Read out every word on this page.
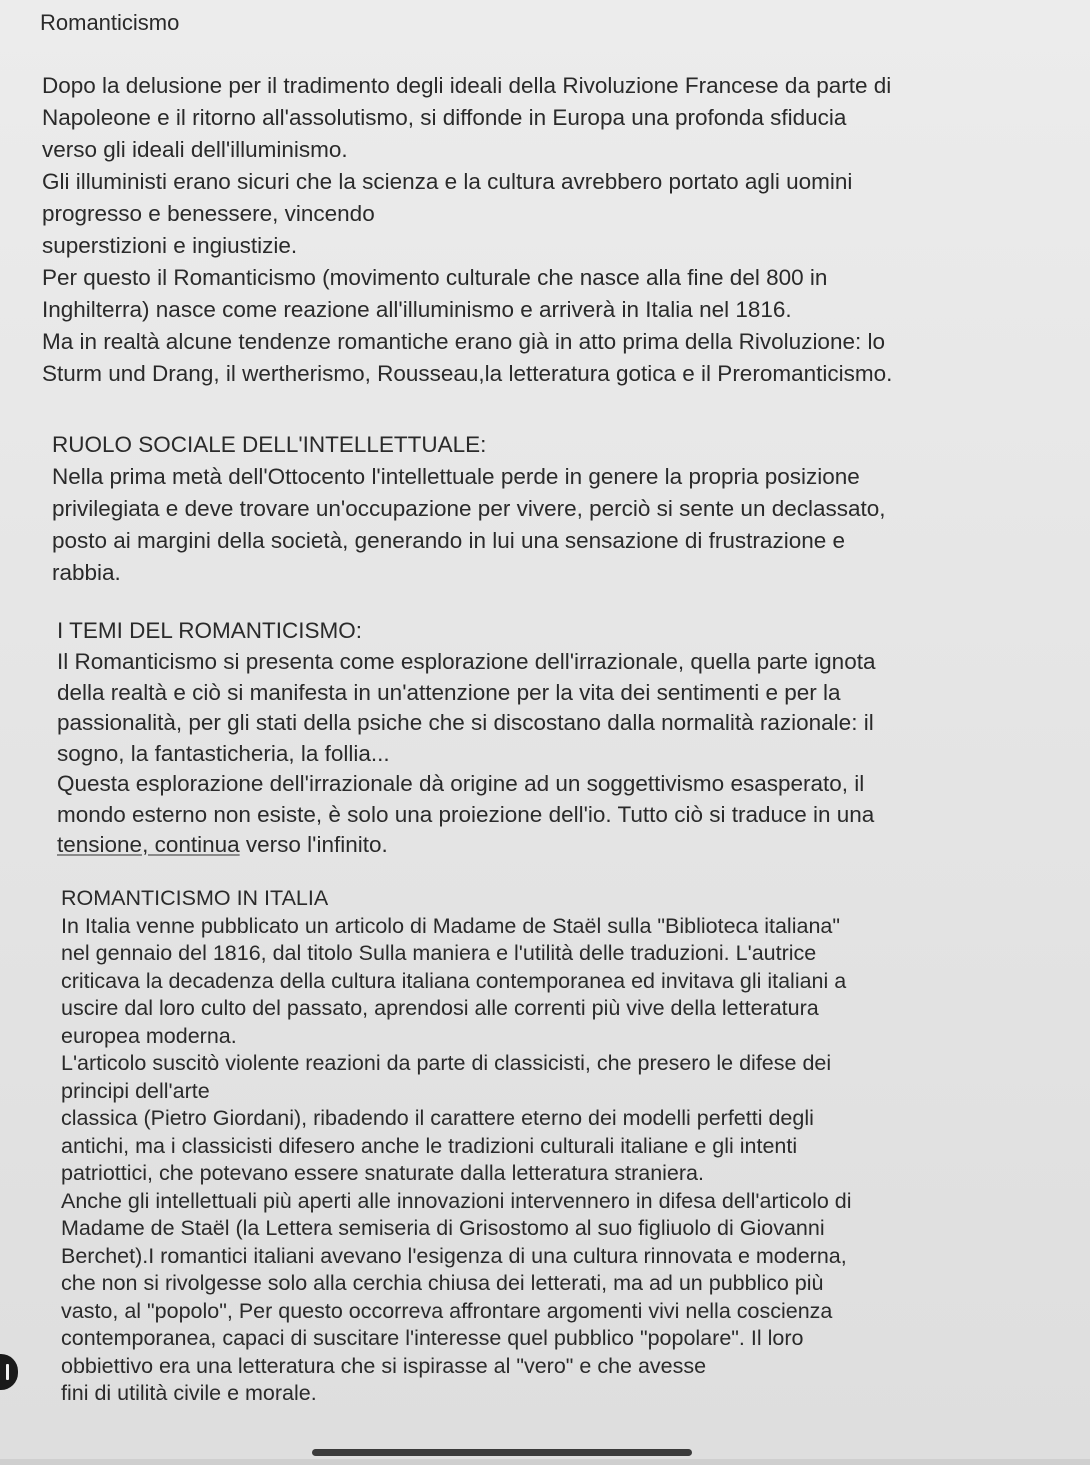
Romanticismo

Dopo la delusione per il tradimento degli ideali della Rivoluzione Francese da parte di

Napoleone e il ritorno all'assolutismo, si diffonde in Europa una profonda sfiducia

verso gli ideali dell'illuminismo.

Gli illuministi erano sicuri che la scienza e la cultura avrebbero portato agli uomini

progresso e benessere, vincendo

superstizioni e ingiustizie.

Per questo il Romanticismo (movimento culturale che nasce alla fine del 800 in

Inghilterra) nasce come reazione all'illuminismo e arriverà in Italia nel 1816.

Ma in realtà alcune tendenze romantiche erano già in atto prima della Rivoluzione: lo

Sturm und Drang, il wertherismo, Rousseau,la letteratura gotica e il Preromanticismo.

RUOLO SOCIALE DELL'INTELLETTUALE:

Nella prima metà dell'Ottocento l'intellettuale perde in genere la propria posizione

privilegiata e deve trovare un'occupazione per vivere, perciò si sente un declassato,

posto ai margini della società, generando in lui una sensazione di frustrazione e

rabbia.

I TEMI DEL ROMANTICISMO:

Il Romanticismo si presenta come esplorazione dell'irrazionale, quella parte ignota

della realtà e ciò si manifesta in un'attenzione per la vita dei sentimenti e per la

passionalità, per gli stati della psiche che si discostano dalla normalità razionale: il

sogno, la fantasticheria, la follia...

Questa esplorazione dell'irrazionale dà origine ad un soggettivismo esasperato, il

mondo esterno non esiste, è solo una proiezione dell'io. Tutto ciò si traduce in una

tensione, continua verso l'infinito.

ROMANTICISMO IN ITALIA

In Italia venne pubblicato un articolo di Madame de Staël sulla "Biblioteca italiana"

nel gennaio del 1816, dal titolo Sulla maniera e l'utilità delle traduzioni. L'autrice

criticava la decadenza della cultura italiana contemporanea ed invitava gli italiani a

uscire dal loro culto del passato, aprendosi alle correnti più vive della letteratura

europea moderna.

L'articolo suscitò violente reazioni da parte di classicisti, che presero le difese dei

principi dell'arte

classica (Pietro Giordani), ribadendo il carattere eterno dei modelli perfetti degli

antichi, ma i classicisti difesero anche le tradizioni culturali italiane e gli intenti

patriottici, che potevano essere snaturate dalla letteratura straniera.

Anche gli intellettuali più aperti alle innovazioni intervennero in difesa dell'articolo di

Madame de Staël (la Lettera semiseria di Grisostomo al suo figliuolo di Giovanni

Berchet).I romantici italiani avevano l'esigenza di una cultura rinnovata e moderna,

che non si rivolgesse solo alla cerchia chiusa dei letterati, ma ad un pubblico più

vasto, al "popolo", Per questo occorreva affrontare argomenti vivi nella coscienza

contemporanea, capaci di suscitare l'interesse quel pubblico "popolare". Il loro

obbiettivo era una letteratura che si ispirasse al "vero" e che avesse

fini di utilità civile e morale.
